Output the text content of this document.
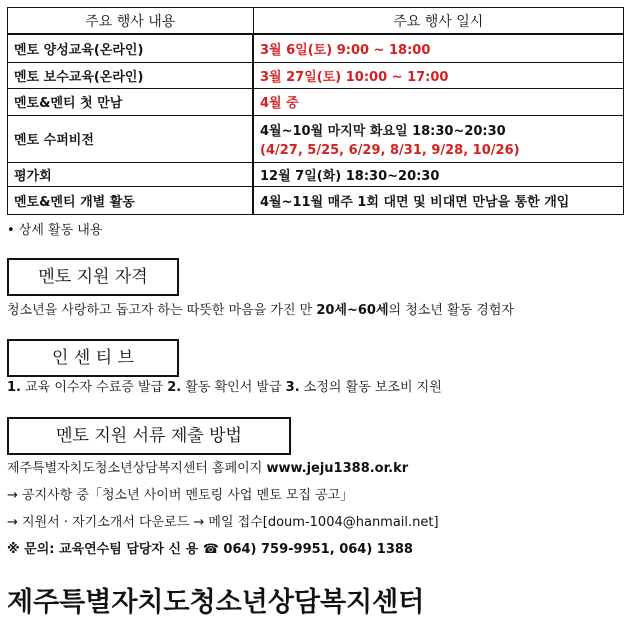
주요 행사 내용	주요 행사 일시
멘토 양성교육(온라인)	3월 6일(토) 9:00 ~ 18:00
멘토 보수교육(온라인)	3월 27일(토) 10:00 ~ 17:00
멘토&멘티 첫 만남	4월 중
멘토 수퍼비전	4월~10월 마지막 화요일 18:30~20:30
(4/27, 5/25, 6/29, 8/31, 9/28, 10/26)

평가회	12월 7일(화) 18:30~20:30
멘토&멘티 개별 활동	4월~11월 매주 1회 대면 및 비대면 만남을 통한 개입
• 상세 활동 내용
멘토 지원 자격
청소년을 사랑하고 돕고자 하는 따뜻한 마음을 가진 만 20세~60세의 청소년 활동 경험자
인 센 티 브
1. 교육 이수자 수료증 발급 2. 활동 확인서 발급 3. 소정의 활동 보조비 지원
멘토 지원 서류 제출 방법
제주특별자치도청소년상담복지센터 홈페이지 www.jeju1388.or.kr
→ 공지사항 중「청소년 사이버 멘토링 사업 멘토 모집 공고」
→ 지원서 · 자기소개서 다운로드 → 메일 접수[doum-1004@hanmail.net]
※ 문의: 교육연수팀 담당자 신 용 ☎ 064) 759-9951, 064) 1388
제주특별자치도청소년상담복지센터
